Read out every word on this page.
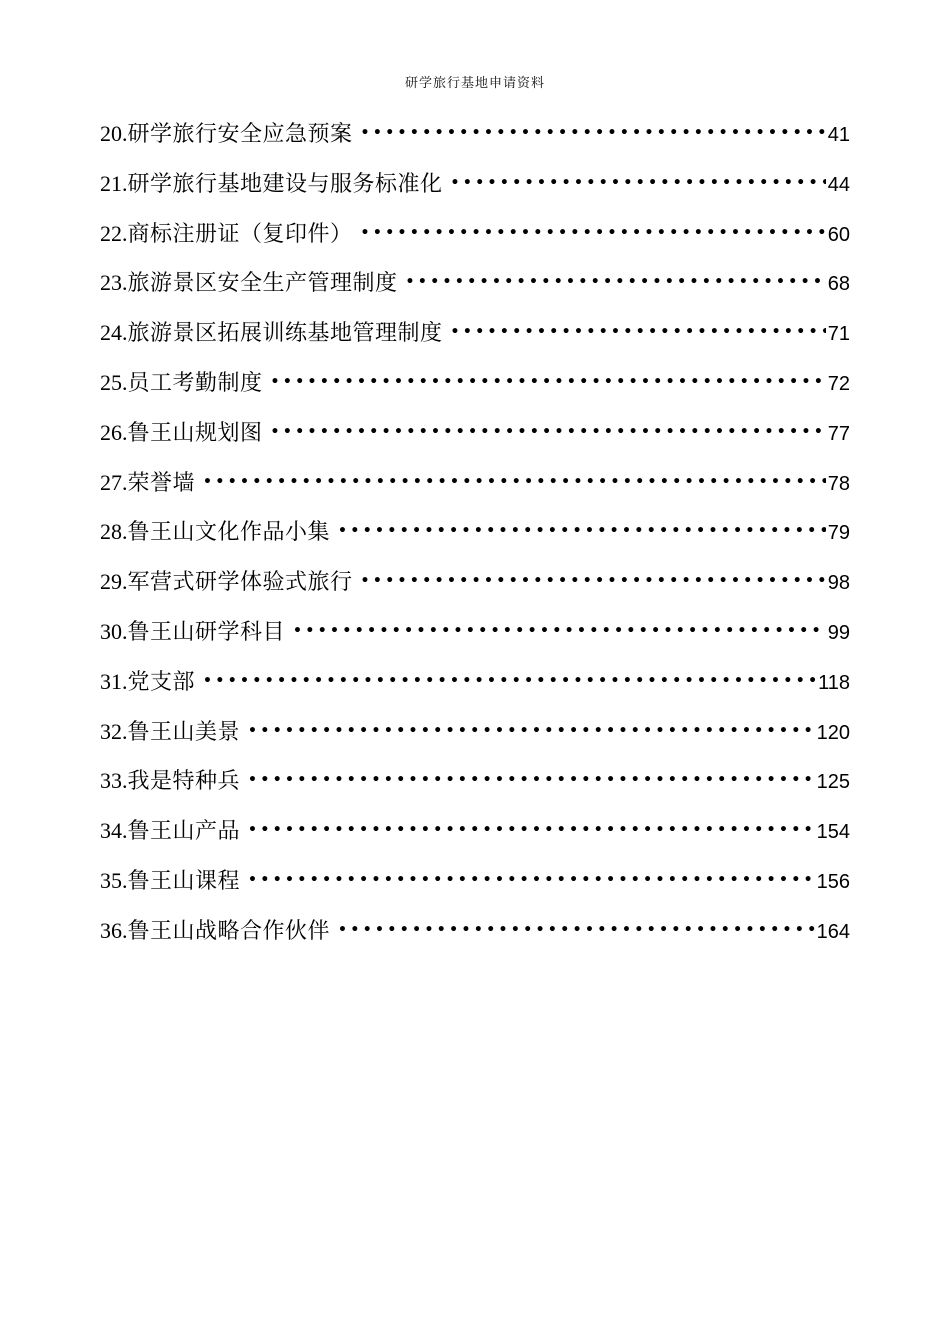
研学旅行基地申请资料
20. 研学旅行安全应急预案 •••••	41
21. 研学旅行基地建设与服务标准化 •••••	44
22. 商标注册证（复印件） •••••	60
23. 旅游景区安全生产管理制度 •••••	68
24. 旅游景区拓展训练基地管理制度 •••••	71
25. 员工考勤制度 •••••	72
26. 鲁王山规划图 •••••	77
27. 荣誉墙 •••••	78
28. 鲁王山文化作品小集 •••••	79
29. 军营式研学体验式旅行 •••••	98
30. 鲁王山研学科目 •••••	99
31. 党支部 •••••	118
32. 鲁王山美景 •••••	120
33. 我是特种兵 •••••	125
34. 鲁王山产品 •••••	154
35. 鲁王山课程 •••••	156
36. 鲁王山战略合作伙伴 •••••	164
